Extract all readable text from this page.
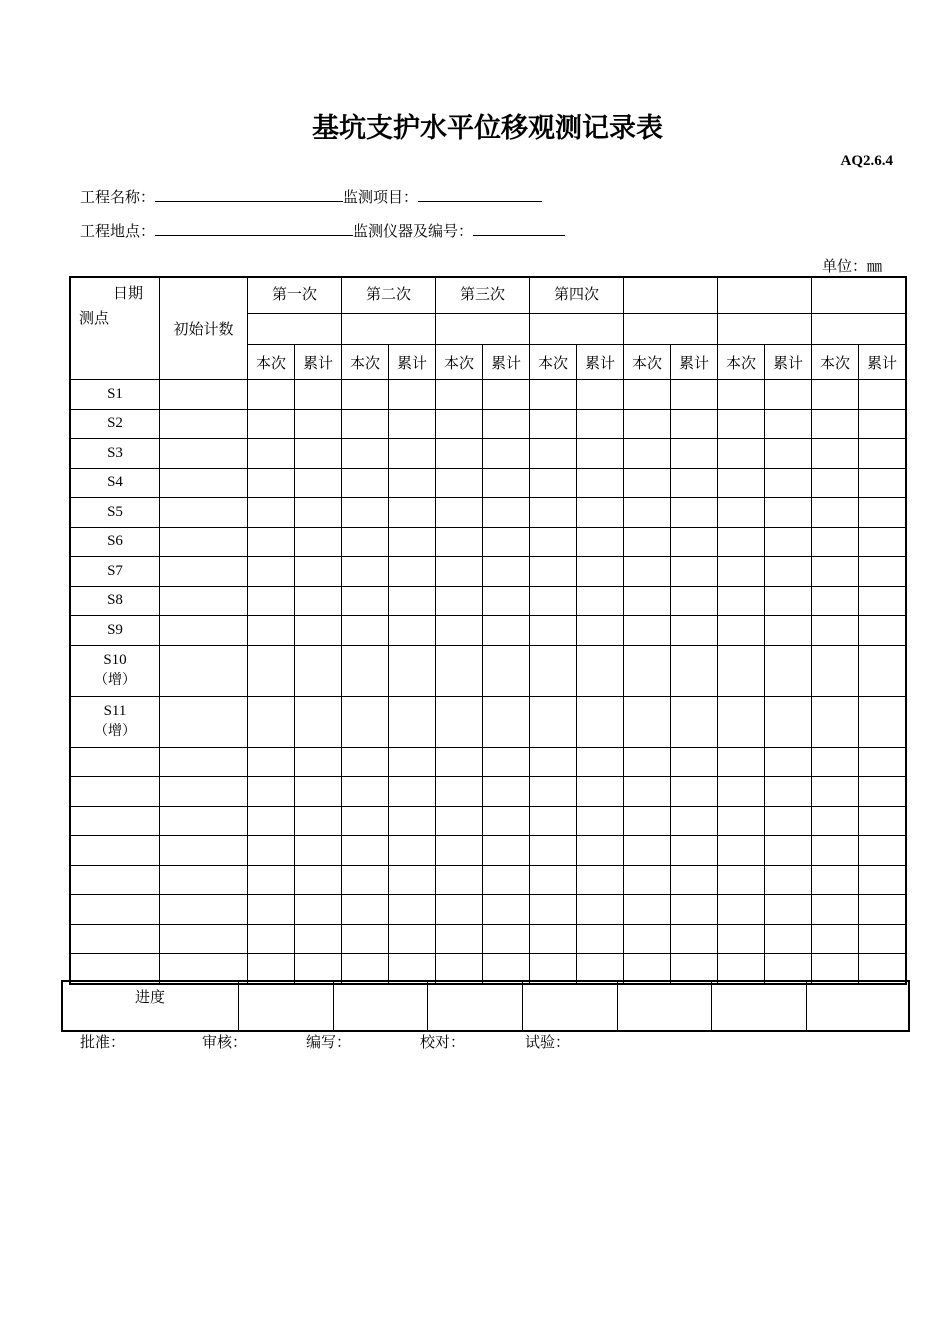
基坑支护水平位移观测记录表
AQ2.6.4
工程名称：	监测项目：
工程地点：	监测仪器及编号：
单位：㎜
日期
测点	初始计数	第一次		第二次		第三次		第四次							

		本次	累计	本次	累计	本次	累计	本次	累计	本次	累计	本次	累计	本次	累计
S1															
S2															
S3															
S4															
S5															
S6															
S7															
S8															
S9															
S10
（增）															

S11
（增）															

进度							
批准：	审核：	编写：	校对：	试验：
